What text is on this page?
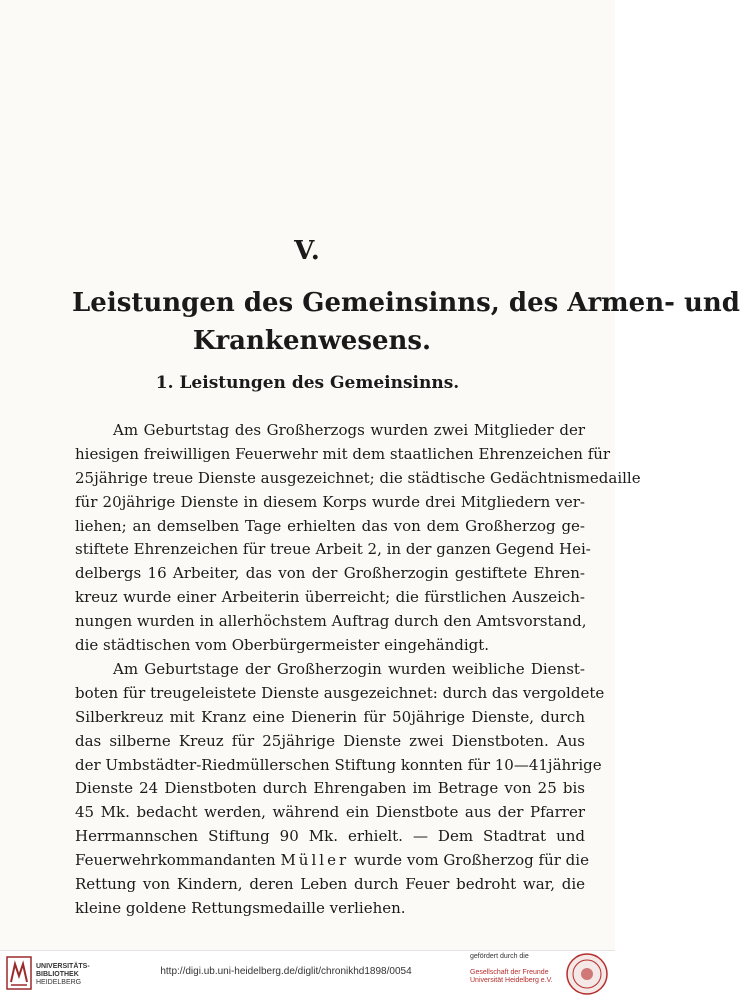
V.
Leistungen des Gemeinsinns, des Armen- und
Krankenwesens.
1. Leistungen des Gemeinsinns.
Am Geburtstag des Großherzogs wurden zwei Mitglieder der
hiesigen freiwilligen Feuerwehr mit dem staatlichen Ehrenzeichen für
25jährige treue Dienste ausgezeichnet; die städtische Gedächtnismedaille
für 20jährige Dienste in diesem Korps wurde drei Mitgliedern ver-
liehen; an demselben Tage erhielten das von dem Großherzog ge-
stiftete Ehrenzeichen für treue Arbeit 2, in der ganzen Gegend Hei-
delbergs 16 Arbeiter, das von der Großherzogin gestiftete Ehren-
kreuz wurde einer Arbeiterin überreicht; die fürstlichen Auszeich-
nungen wurden in allerhöchstem Auftrag durch den Amtsvorstand,
die städtischen vom Oberbürgermeister eingehändigt.
Am Geburtstage der Großherzogin wurden weibliche Dienst-
boten für treugeleistete Dienste ausgezeichnet: durch das vergoldete
Silberkreuz mit Kranz eine Dienerin für 50jährige Dienste, durch
das silberne Kreuz für 25jährige Dienste zwei Dienstboten. Aus
der Umbstädter-Riedmüllerschen Stiftung konnten für 10—41jährige
Dienste 24 Dienstboten durch Ehrengaben im Betrage von 25 bis
45 Mk. bedacht werden, während ein Dienstbote aus der Pfarrer
Herrmannschen Stiftung 90 Mk. erhielt. — Dem Stadtrat und
Feuerwehrkommandanten Müller wurde vom Großherzog für die
Rettung von Kindern, deren Leben durch Feuer bedroht war, die
kleine goldene Rettungsmedaille verliehen.
UNIVERSITÄTS-
BIBLIOTHEK
HEIDELBERG
http://digi.ub.uni-heidelberg.de/diglit/chronikhd1898/0054
gefördert durch die

Gesellschaft der Freunde
Universität Heidelberg e.V.
